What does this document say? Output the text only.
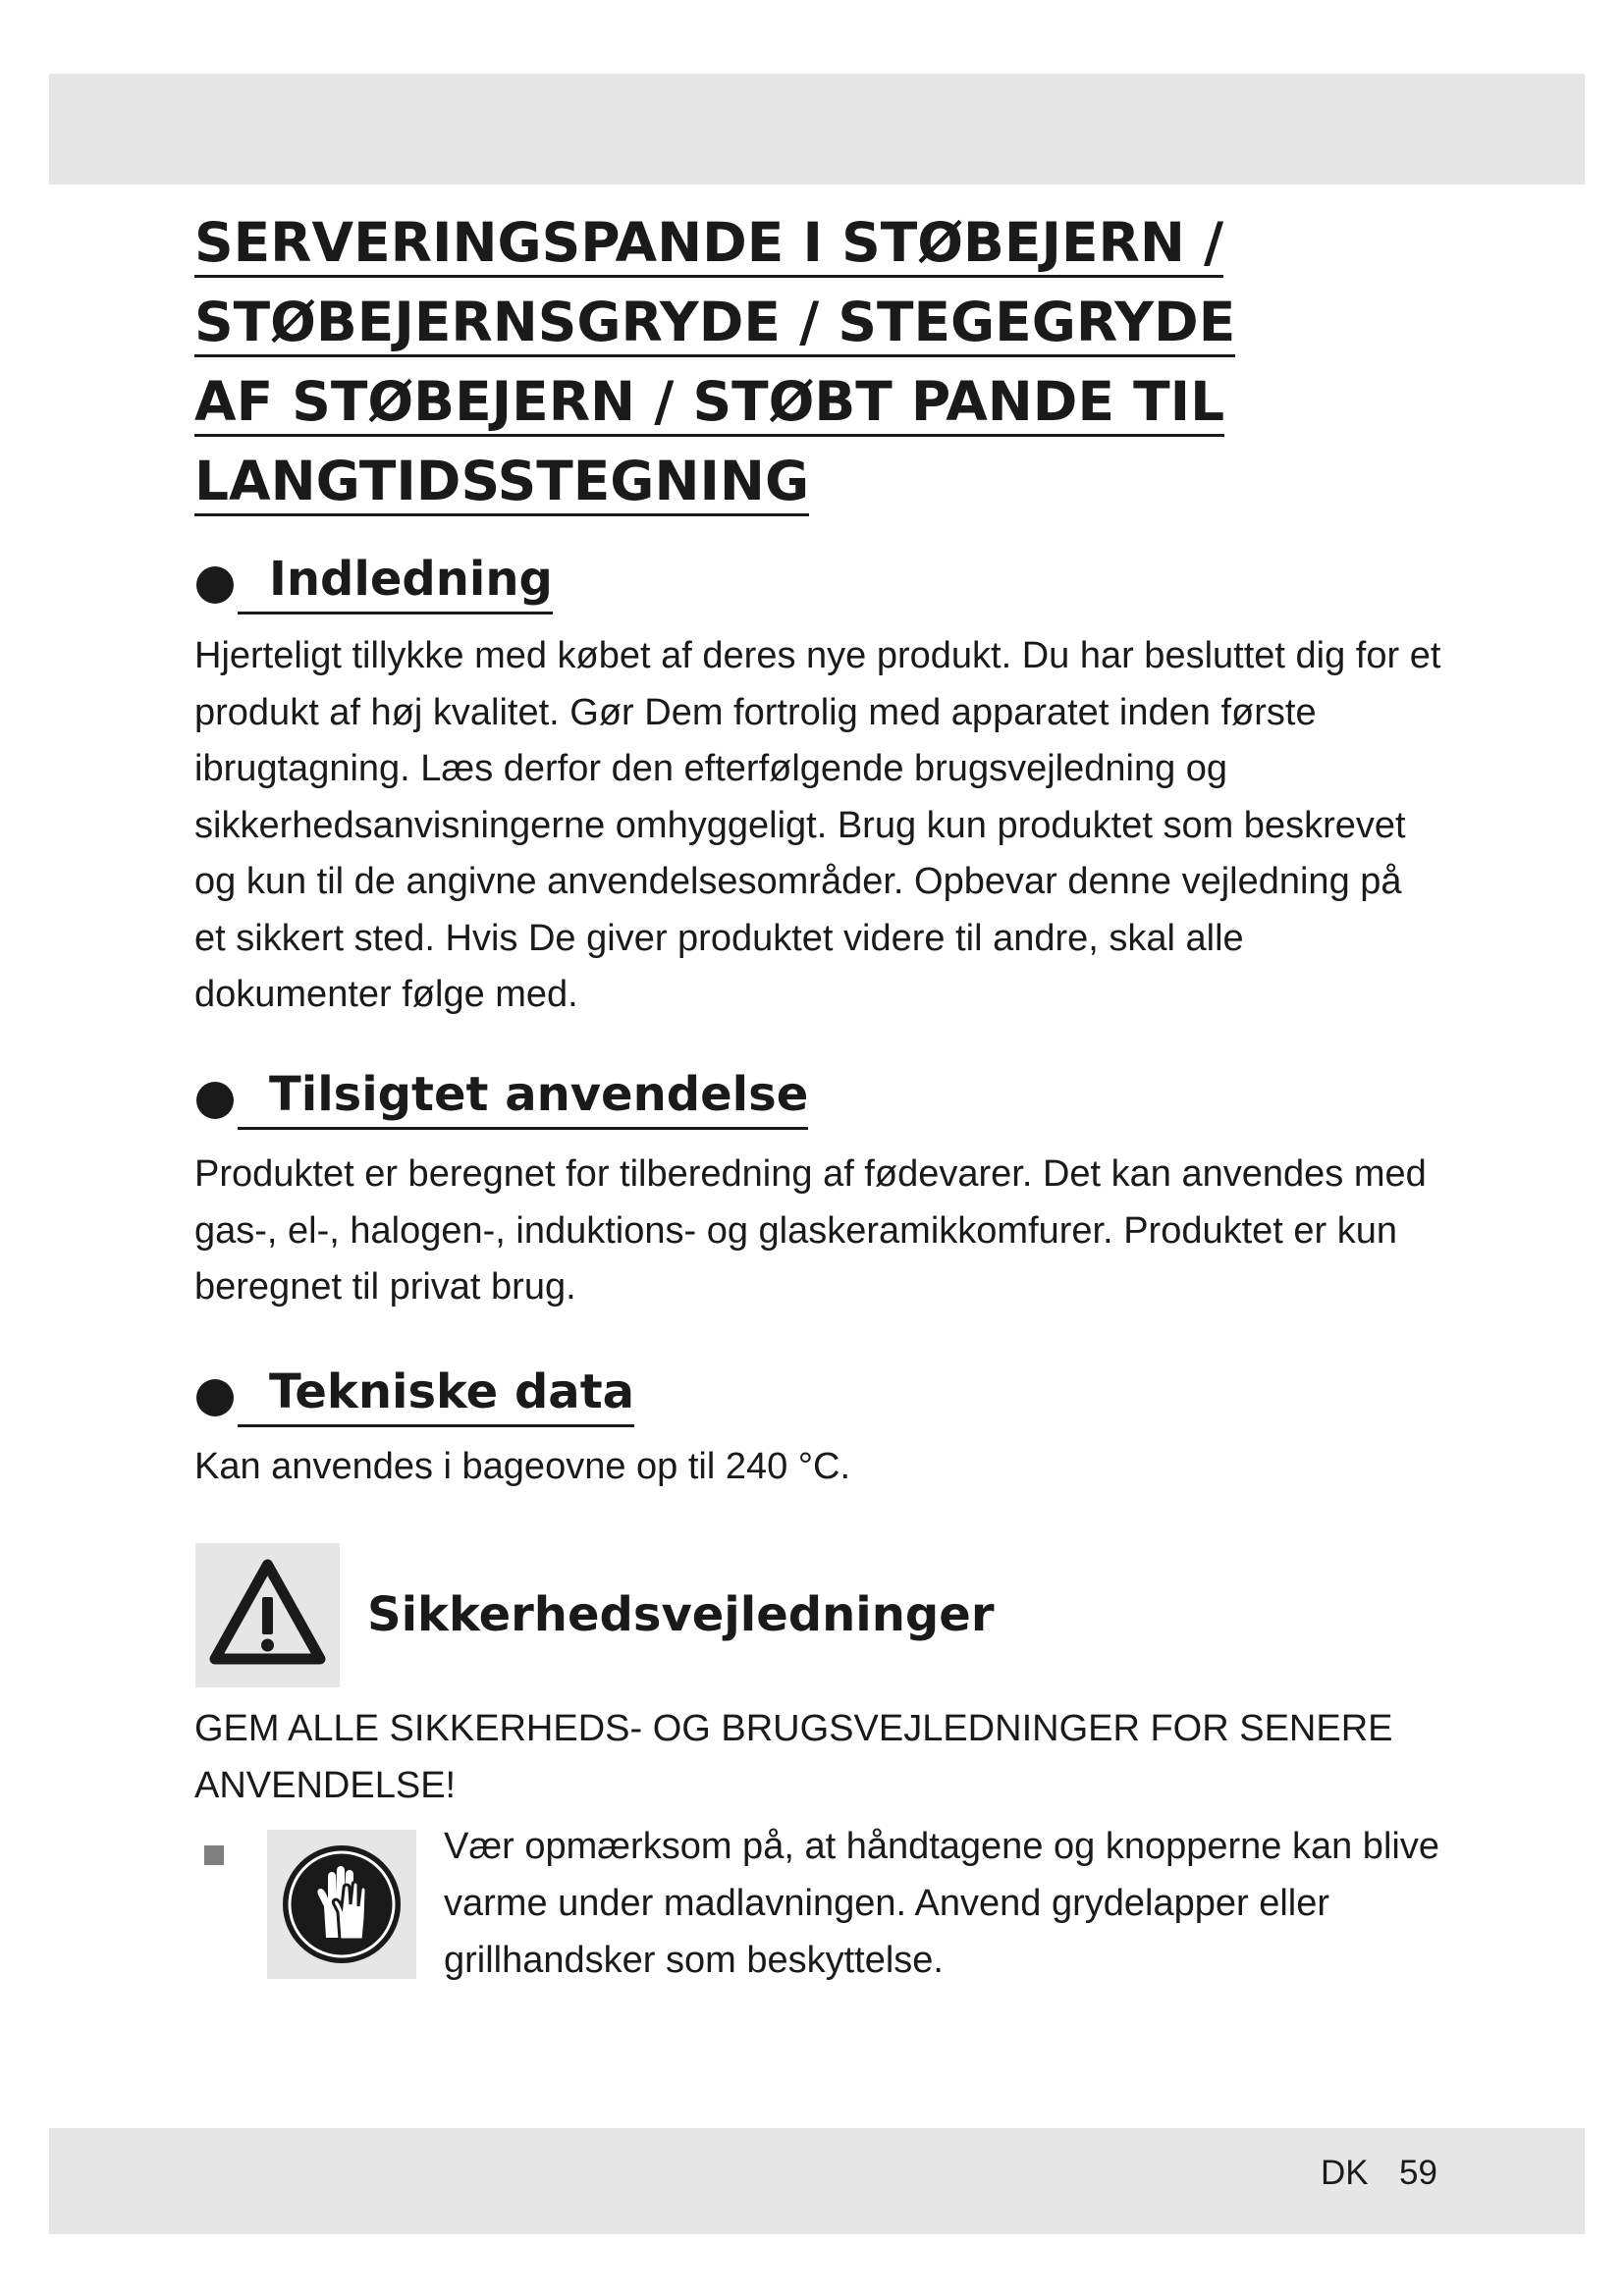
SERVERINGSPANDE I STØBEJERN /
STØBEJERNSGRYDE / STEGEGRYDE
AF STØBEJERN / STØBT PANDE TIL
LANGTIDSSTEGNING
Indledning

Hjerteligt tillykke med købet af deres nye produkt. Du har besluttet dig for et produkt af høj kvalitet. Gør Dem fortrolig med apparatet inden første ibrugtagning. Læs derfor den efterfølgende brugsvejledning og sikkerhedsanvisningerne omhyggeligt. Brug kun produktet som beskrevet og kun til de angivne anvendelsesområder. Opbevar denne vejledning på et sikkert sted. Hvis De giver produktet videre til andre, skal alle dokumenter følge med.

Tilsigtet anvendelse

Produktet er beregnet for tilberedning af fødevarer. Det kan anvendes med gas-, el-, halogen-, induktions- og glaskeramikkomfurer. Produktet er kun beregnet til privat brug.

Tekniske data

Kan anvendes i bageovne op til 240 °C.

Sikkerhedsvejledninger

GEM ALLE SIKKERHEDS- OG BRUGSVEJLEDNINGER FOR SENERE ANVENDELSE!

Vær opmærksom på, at håndtagene og knopperne kan blive varme under madlavningen. Anvend grydelapper eller grillhandsker som beskyttelse.

DK 59
